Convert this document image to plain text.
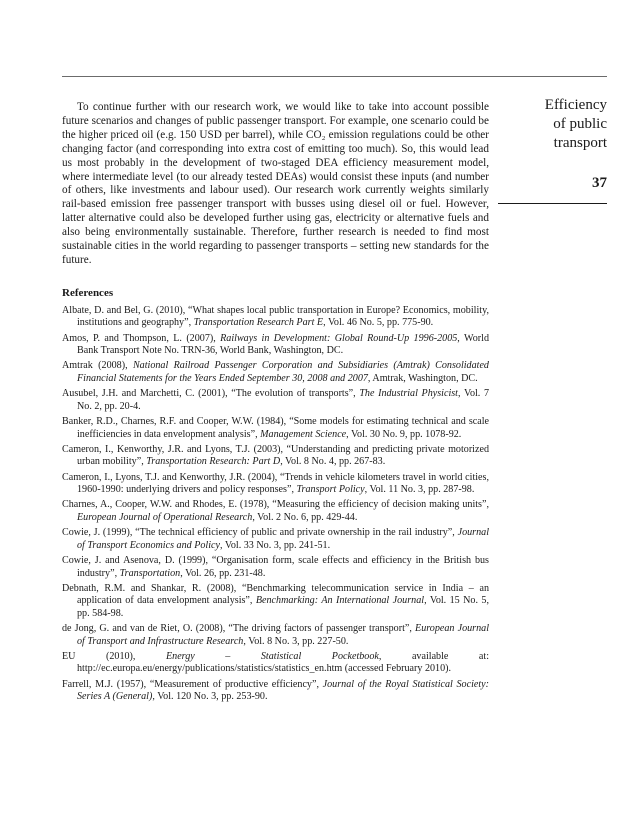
Efficiency
of public
transport
37

To continue further with our research work, we would like to take into account possible future scenarios and changes of public passenger transport. For example, one scenario could be the higher priced oil (e.g. 150 USD per barrel), while CO₂ emission regulations could be other changing factor (and corresponding into extra cost of emitting too much). So, this would lead us most probably in the development of two-staged DEA efficiency measurement model, where intermediate level (to our already tested DEAs) would consist these inputs (and number of others, like investments and labour used). Our research work currently weights similarly rail-based emission free passenger transport with busses using diesel oil or fuel. However, latter alternative could also be developed further using gas, electricity or alternative fuels and also being environmentally sustainable. Therefore, further research is needed to find most sustainable cities in the world regarding to passenger transports – setting new standards for the future.

References

Albate, D. and Bel, G. (2010), “What shapes local public transportation in Europe? Economics, mobility, institutions and geography”, Transportation Research Part E, Vol. 46 No. 5, pp. 775-90.

Amos, P. and Thompson, L. (2007), Railways in Development: Global Round-Up 1996-2005, World Bank Transport Note No. TRN-36, World Bank, Washington, DC.

Amtrak (2008), National Railroad Passenger Corporation and Subsidiaries (Amtrak) Consolidated Financial Statements for the Years Ended September 30, 2008 and 2007, Amtrak, Washington, DC.

Ausubel, J.H. and Marchetti, C. (2001), “The evolution of transports”, The Industrial Physicist, Vol. 7 No. 2, pp. 20-4.

Banker, R.D., Charnes, R.F. and Cooper, W.W. (1984), “Some models for estimating technical and scale inefficiencies in data envelopment analysis”, Management Science, Vol. 30 No. 9, pp. 1078-92.

Cameron, I., Kenworthy, J.R. and Lyons, T.J. (2003), “Understanding and predicting private motorized urban mobility”, Transportation Research: Part D, Vol. 8 No. 4, pp. 267-83.

Cameron, I., Lyons, T.J. and Kenworthy, J.R. (2004), “Trends in vehicle kilometers travel in world cities, 1960-1990: underlying drivers and policy responses”, Transport Policy, Vol. 11 No. 3, pp. 287-98.

Charnes, A., Cooper, W.W. and Rhodes, E. (1978), “Measuring the efficiency of decision making units”, European Journal of Operational Research, Vol. 2 No. 6, pp. 429-44.

Cowie, J. (1999), “The technical efficiency of public and private ownership in the rail industry”, Journal of Transport Economics and Policy, Vol. 33 No. 3, pp. 241-51.

Cowie, J. and Asenova, D. (1999), “Organisation form, scale effects and efficiency in the British bus industry”, Transportation, Vol. 26, pp. 231-48.

Debnath, R.M. and Shankar, R. (2008), “Benchmarking telecommunication service in India – an application of data envelopment analysis”, Benchmarking: An International Journal, Vol. 15 No. 5, pp. 584-98.

de Jong, G. and van de Riet, O. (2008), “The driving factors of passenger transport”, European Journal of Transport and Infrastructure Research, Vol. 8 No. 3, pp. 227-50.

EU (2010), Energy – Statistical Pocketbook, available at: http://ec.europa.eu/energy/publications/statistics/statistics_en.htm (accessed February 2010).

Farrell, M.J. (1957), “Measurement of productive efficiency”, Journal of the Royal Statistical Society: Series A (General), Vol. 120 No. 3, pp. 253-90.
